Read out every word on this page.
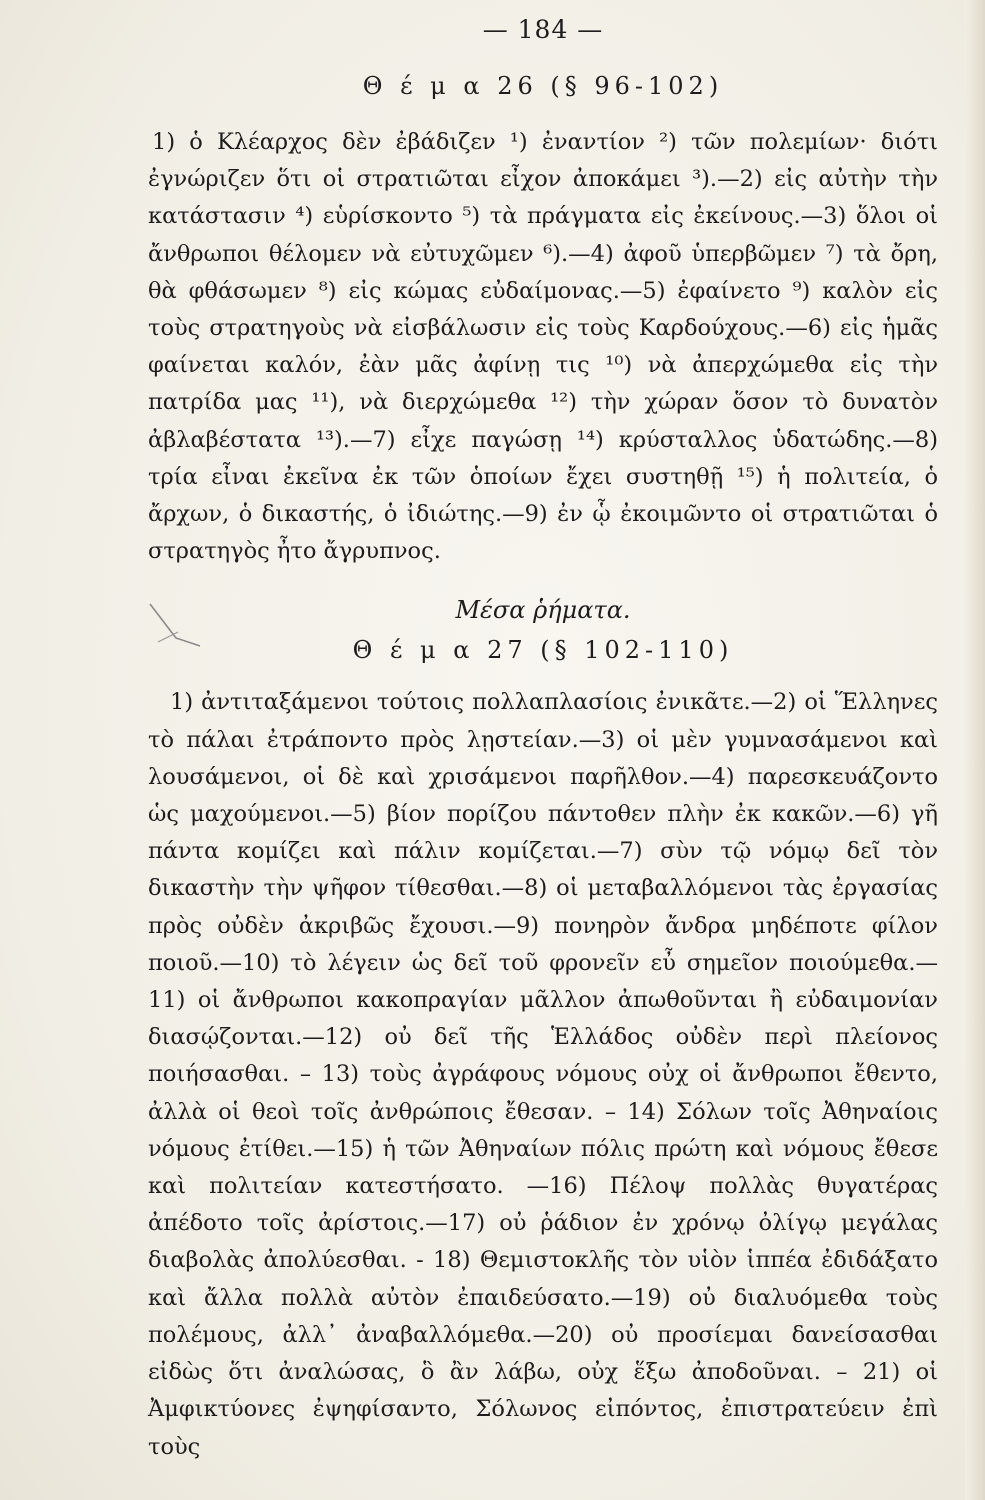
— 184 —
Θ έ μ α 26 (§ 96-102)

1) ὁ Κλέαρχος δὲν ἐβάδιζεν ¹) ἐναντίον ²) τῶν πολεμίων· διότι ἐγνώριζεν ὅτι οἱ στρατιῶται εἶχον ἀποκάμει ³).—2) εἰς αὐτὴν τὴν κατάστασιν ⁴) εὑρίσκοντο ⁵) τὰ πράγματα εἰς ἐκείνους.—3) ὅλοι οἱ ἄνθρωποι θέλομεν νὰ εὐτυχῶμεν ⁶).—4) ἀφοῦ ὑπερβῶμεν ⁷) τὰ ὄρη, θὰ φθάσωμεν ⁸) εἰς κώμας εὐδαίμονας.—5) ἐφαίνετο ⁹) καλὸν εἰς τοὺς στρατηγοὺς νὰ εἰσβάλωσιν εἰς τοὺς Καρδούχους.—6) εἰς ἡμᾶς φαίνεται καλόν, ἐὰν μᾶς ἀφίνῃ τις ¹⁰) νὰ ἀπερχώμεθα εἰς τὴν πατρίδα μας ¹¹), νὰ διερχώμεθα ¹²) τὴν χώραν ὅσον τὸ δυνατὸν ἀβλαβέστατα ¹³).—7) εἶχε παγώσῃ ¹⁴) κρύσταλλος ὑδατώδης.—8) τρία εἶναι ἐκεῖνα ἐκ τῶν ὁποίων ἔχει συστηθῇ ¹⁵) ἡ πολιτεία, ὁ ἄρχων, ὁ δικαστής, ὁ ἰδιώτης.—9) ἐν ᾧ ἐκοιμῶντο οἱ στρατιῶται ὁ στρατηγὸς ἦτο ἄγρυπνος.

Μέσα ῥήματα.
Θ έ μ α 27 (§ 102-110)

1) ἀντιταξάμενοι τούτοις πολλαπλασίοις ἐνικᾶτε.—2) οἱ Ἕλληνες τὸ πάλαι ἐτράποντο πρὸς λῃστείαν.—3) οἱ μὲν γυμνασάμενοι καὶ λουσάμενοι, οἱ δὲ καὶ χρισάμενοι παρῆλθον.—4) παρεσκευάζοντο ὡς μαχούμενοι.—5) βίον πορίζου πάντοθεν πλὴν ἐκ κακῶν.—6) γῆ πάντα κομίζει καὶ πάλιν κομίζεται.—7) σὺν τῷ νόμῳ δεῖ τὸν δικαστὴν τὴν ψῆφον τίθεσθαι.—8) οἱ μεταβαλλόμενοι τὰς ἐργασίας πρὸς οὐδὲν ἀκριβῶς ἔχουσι.—9) πονηρὸν ἄνδρα μηδέποτε φίλον ποιοῦ.—10) τὸ λέγειν ὡς δεῖ τοῦ φρονεῖν εὖ σημεῖον ποιούμεθα.—11) οἱ ἄνθρωποι κακοπραγίαν μᾶλλον ἀπωθοῦνται ἢ εὐδαιμονίαν διασῴζονται.—12) οὐ δεῖ τῆς Ἑλλάδος οὐδὲν περὶ πλείονος ποιήσασθαι. – 13) τοὺς ἀγράφους νόμους οὐχ οἱ ἄνθρωποι ἔθεντο, ἀλλὰ οἱ θεοὶ τοῖς ἀνθρώποις ἔθεσαν. – 14) Σόλων τοῖς Ἀθηναίοις νόμους ἐτίθει.—15) ἡ τῶν Ἀθηναίων πόλις πρώτη καὶ νόμους ἔθεσε καὶ πολιτείαν κατεστήσατο. —16) Πέλοψ πολλὰς θυγατέρας ἀπέδοτο τοῖς ἀρίστοις.—17) οὐ ῥάδιον ἐν χρόνῳ ὀλίγῳ μεγάλας διαβολὰς ἀπολύεσθαι. - 18) Θεμιστοκλῆς τὸν υἱὸν ἱππέα ἐδιδάξατο καὶ ἄλλα πολλὰ αὐτὸν ἐπαιδεύσατο.—19) οὐ διαλυόμεθα τοὺς πολέμους, ἀλλ᾽ ἀναβαλλόμεθα.—20) οὐ προσίεμαι δανείσασθαι εἰδὼς ὅτι ἀναλώσας, ὃ ἂν λάβω, οὐχ ἕξω ἀποδοῦναι. – 21) οἱ Ἀμφικτύονες ἐψηφίσαντο, Σόλωνος εἰπόντος, ἐπιστρατεύειν ἐπὶ τοὺς
